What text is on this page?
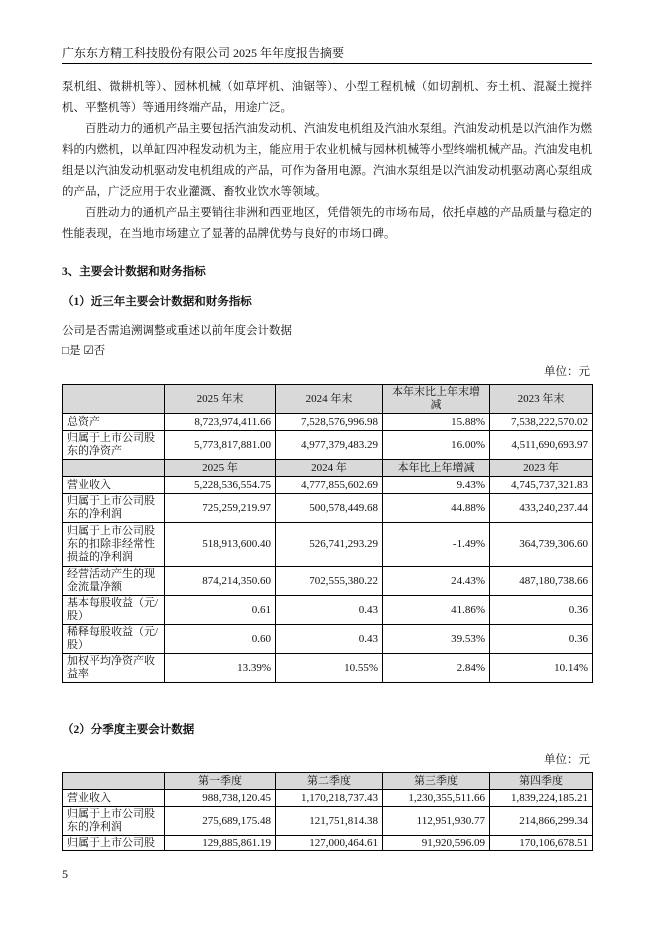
广东东方精工科技股份有限公司 2025 年年度报告摘要

泵机组、微耕机等）、园林机械（如草坪机、油锯等）、小型工程机械（如切割机、夯土机、混凝土搅拌机、平整机等）等通用终端产品，用途广泛。

百胜动力的通机产品主要包括汽油发动机、汽油发电机组及汽油水泵组。汽油发动机是以汽油作为燃料的内燃机，以单缸四冲程发动机为主，能应用于农业机械与园林机械等小型终端机械产品。汽油发电机组是以汽油发动机驱动发电机组成的产品，可作为备用电源。汽油水泵组是以汽油发动机驱动离心泵组成的产品，广泛应用于农业灌溉、畜牧业饮水等领域。

百胜动力的通机产品主要销往非洲和西亚地区，凭借领先的市场布局，依托卓越的产品质量与稳定的性能表现，在当地市场建立了显著的品牌优势与良好的市场口碑。

3、主要会计数据和财务指标
（1）近三年主要会计数据和财务指标
公司是否需追溯调整或重述以前年度会计数据
□是 ☑否
单位：元
	2025 年末	2024 年末	本年末比上年末增减	2023 年末
总资产	8,723,974,411.66	7,528,576,996.98	15.88%	7,538,222,570.02
归属于上市公司股东的净资产	5,773,817,881.00	4,977,379,483.29	16.00%	4,511,690,693.97
	2025 年	2024 年	本年比上年增减	2023 年
营业收入	5,228,536,554.75	4,777,855,602.69	9.43%	4,745,737,321.83
归属于上市公司股东的净利润	725,259,219.97	500,578,449.68	44.88%	433,240,237.44
归属于上市公司股东的扣除非经常性损益的净利润	518,913,600.40	526,741,293.29	-1.49%	364,739,306.60
经营活动产生的现金流量净额	874,214,350.60	702,555,380.22	24.43%	487,180,738.66
基本每股收益（元/股）	0.61	0.43	41.86%	0.36
稀释每股收益（元/股）	0.60	0.43	39.53%	0.36
加权平均净资产收益率	13.39%	10.55%	2.84%	10.14%
（2）分季度主要会计数据
单位：元
	第一季度	第二季度	第三季度	第四季度
营业收入	988,738,120.45	1,170,218,737.43	1,230,355,511.66	1,839,224,185.21
归属于上市公司股东的净利润	275,689,175.48	121,751,814.38	112,951,930.77	214,866,299.34
归属于上市公司股	129,885,861.19	127,000,464.61	91,920,596.09	170,106,678.51
5
